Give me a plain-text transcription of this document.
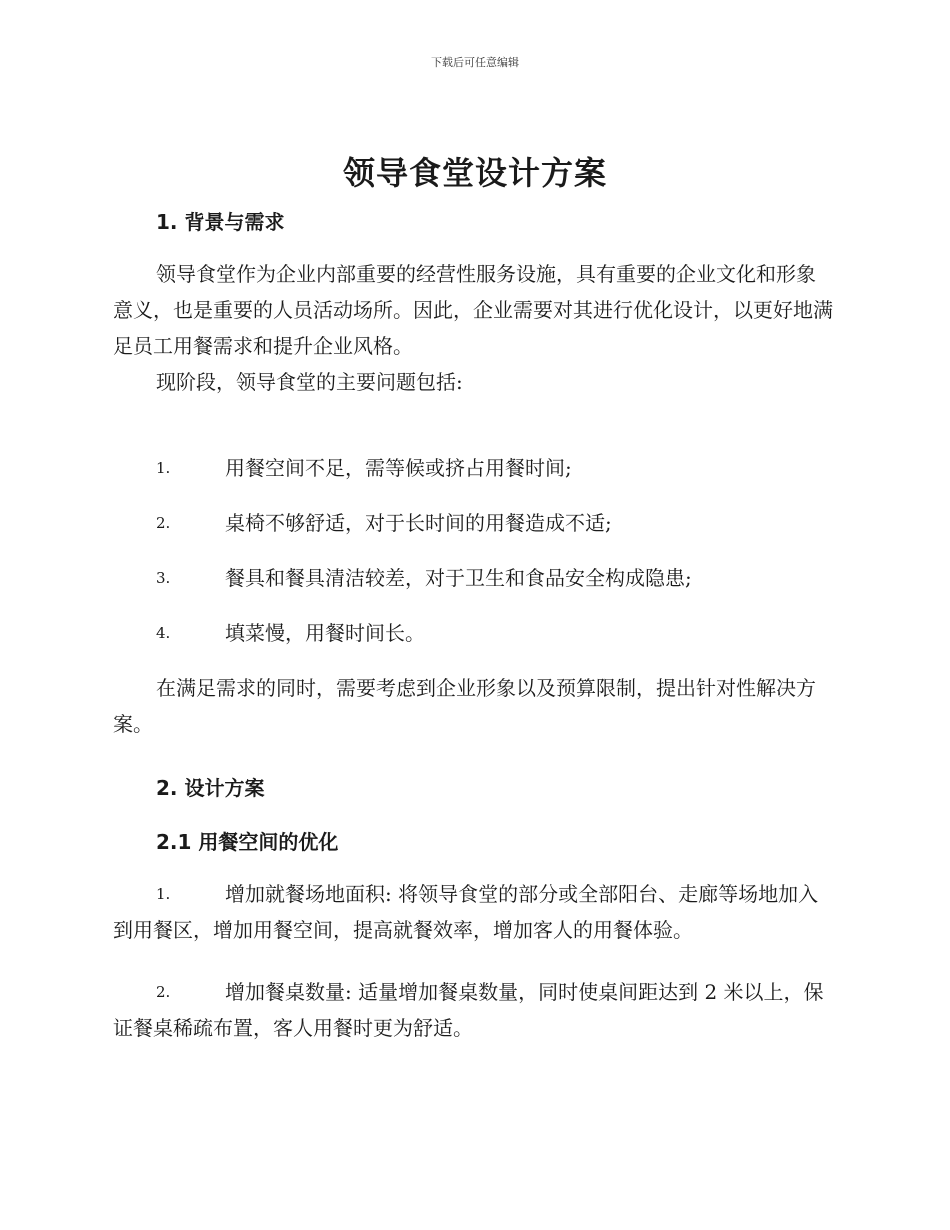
下载后可任意编辑
领导食堂设计方案
1. 背景与需求
领导食堂作为企业内部重要的经营性服务设施，具有重要的企业文化和形象意义，也是重要的人员活动场所。因此，企业需要对其进行优化设计，以更好地满足员工用餐需求和提升企业风格。
现阶段，领导食堂的主要问题包括:
1.	用餐空间不足，需等候或挤占用餐时间;
2.	桌椅不够舒适，对于长时间的用餐造成不适;
3.	餐具和餐具清洁较差，对于卫生和食品安全构成隐患;
4.	填菜慢，用餐时间长。
在满足需求的同时，需要考虑到企业形象以及预算限制，提出针对性解决方案。
2. 设计方案
2.1 用餐空间的优化
1.	增加就餐场地面积: 将领导食堂的部分或全部阳台、走廊等场地加入到用餐区，增加用餐空间，提高就餐效率，增加客人的用餐体验。
2.	增加餐桌数量: 适量增加餐桌数量，同时使桌间距达到 2 米以上，保证餐桌稀疏布置，客人用餐时更为舒适。
